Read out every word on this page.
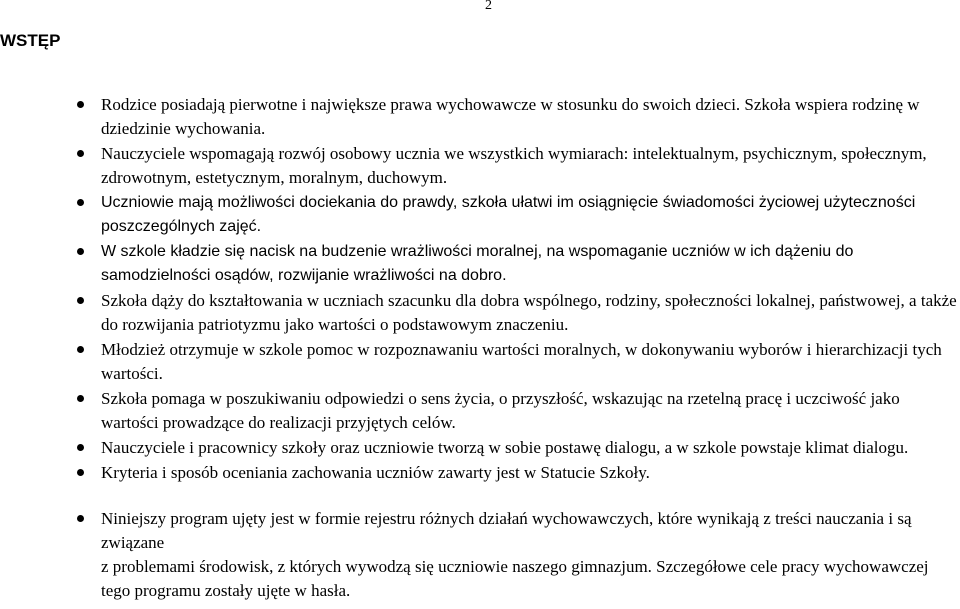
2
WSTĘP
Rodzice posiadają pierwotne i największe prawa wychowawcze w stosunku do swoich dzieci. Szkoła wspiera rodzinę w dziedzinie wychowania.
Nauczyciele wspomagają rozwój osobowy ucznia we wszystkich wymiarach: intelektualnym, psychicznym, społecznym, zdrowotnym, estetycznym, moralnym, duchowym.
Uczniowie mają możliwości dociekania do prawdy, szkoła ułatwi im osiągnięcie świadomości życiowej użyteczności poszczególnych zajęć.
W szkole kładzie się nacisk na budzenie wrażliwości moralnej, na wspomaganie uczniów w ich dążeniu do samodzielności osądów, rozwijanie wrażliwości na dobro.
Szkoła dąży do kształtowania w uczniach szacunku dla dobra wspólnego, rodziny, społeczności lokalnej, państwowej, a także do rozwijania patriotyzmu jako wartości o podstawowym znaczeniu.
Młodzież otrzymuje w szkole pomoc w rozpoznawaniu wartości moralnych, w dokonywaniu wyborów i hierarchizacji tych wartości.
Szkoła pomaga w poszukiwaniu odpowiedzi o sens życia, o przyszłość, wskazując na rzetelną pracę i uczciwość jako wartości prowadzące do realizacji przyjętych celów.
Nauczyciele i pracownicy szkoły oraz uczniowie tworzą w sobie postawę dialogu, a w szkole powstaje klimat dialogu.
Kryteria i sposób oceniania zachowania uczniów zawarty jest w Statucie Szkoły.
Niniejszy program ujęty jest w formie rejestru różnych działań wychowawczych, które wynikają z treści nauczania i są związane
z problemami środowisk, z których wywodzą się uczniowie naszego gimnazjum. Szczegółowe cele pracy wychowawczej tego programu zostały ujęte w hasła.
